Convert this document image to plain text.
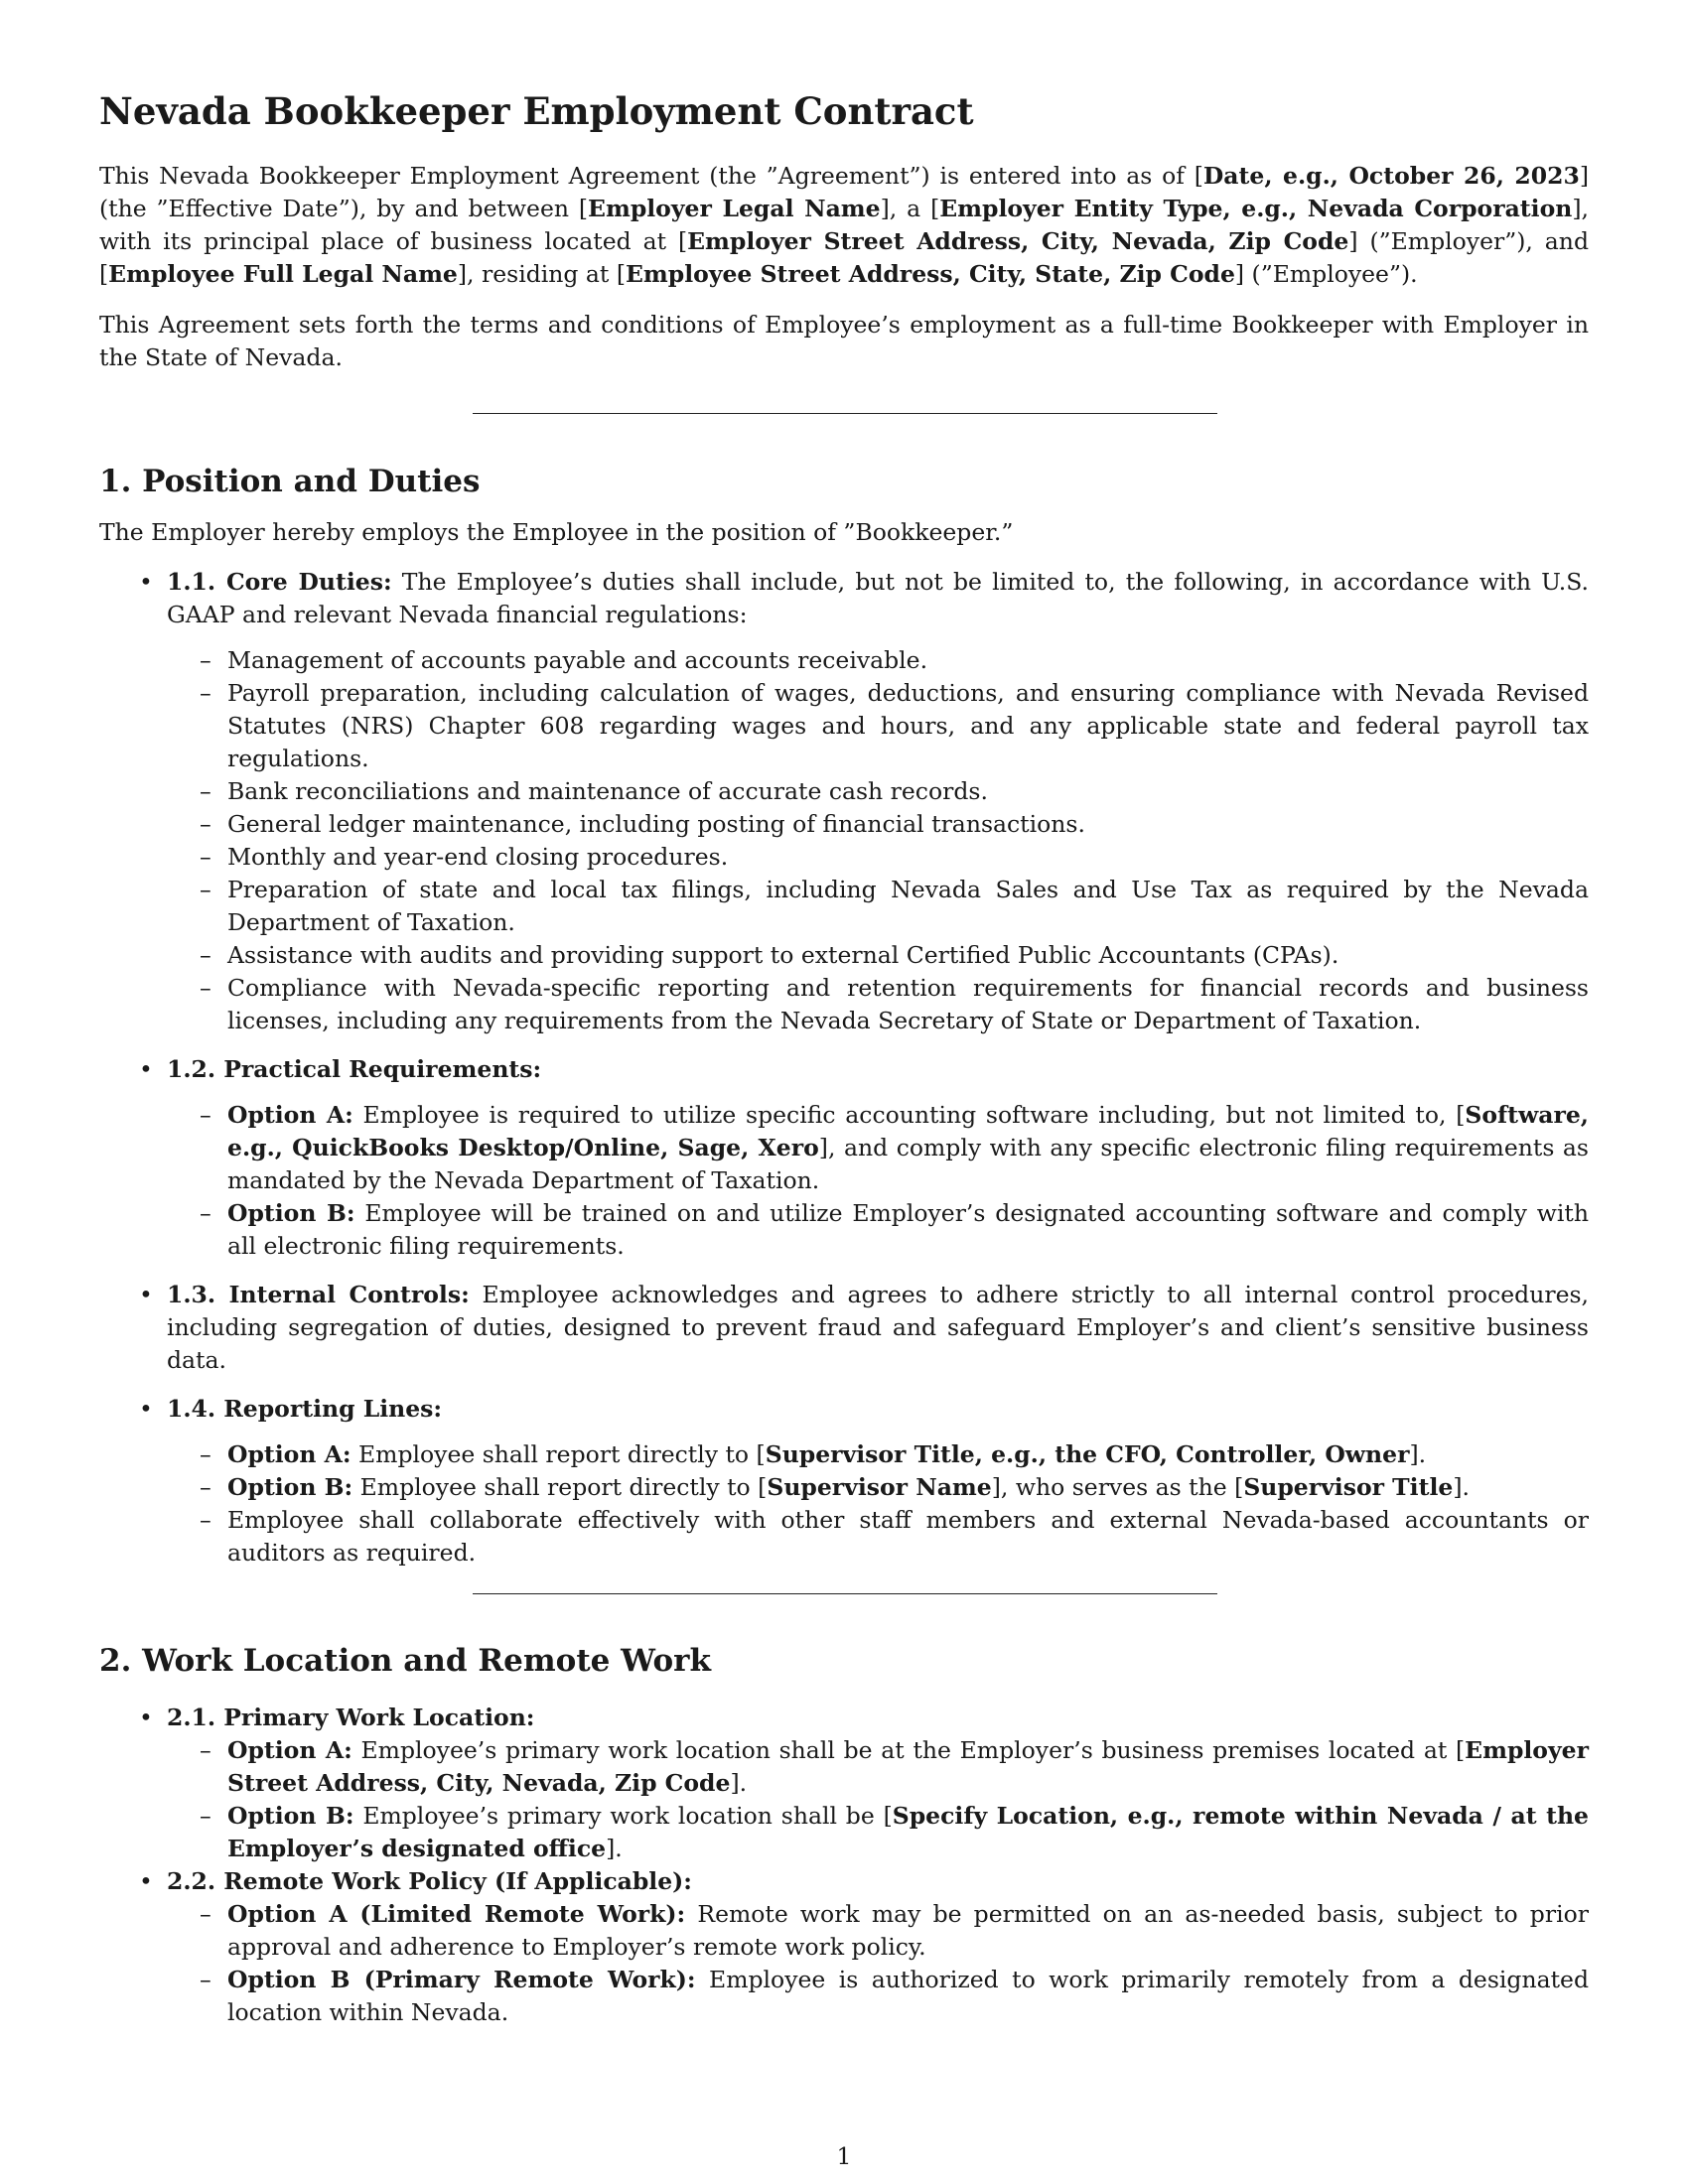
Nevada Bookkeeper Employment Contract

This Nevada Bookkeeper Employment Agreement (the ”Agreement”) is entered into as of [Date, e.g., October 26, 2023] (the ”Effective Date”), by and between [Employer Legal Name], a [Employer Entity Type, e.g., Nevada Corporation], with its principal place of business located at [Employer Street Address, City, Nevada, Zip Code] (”Employer”), and [Employee Full Legal Name], residing at [Employee Street Address, City, State, Zip Code] (”Employee”).

This Agreement sets forth the terms and conditions of Employee’s employment as a full-time Bookkeeper with Employer in the State of Nevada.

1. Position and Duties

The Employer hereby employs the Employee in the position of ”Bookkeeper.”

• 1.1. Core Duties: The Employee’s duties shall include, but not be limited to, the following, in accordance with U.S. GAAP and relevant Nevada financial regulations:
– Management of accounts payable and accounts receivable.
– Payroll preparation, including calculation of wages, deductions, and ensuring compliance with Nevada Revised Statutes (NRS) Chapter 608 regarding wages and hours, and any applicable state and federal payroll tax regulations.
– Bank reconciliations and maintenance of accurate cash records.
– General ledger maintenance, including posting of financial transactions.
– Monthly and year-end closing procedures.
– Preparation of state and local tax filings, including Nevada Sales and Use Tax as required by the Nevada Department of Taxation.
– Assistance with audits and providing support to external Certified Public Accountants (CPAs).
– Compliance with Nevada-specific reporting and retention requirements for financial records and business licenses, including any requirements from the Nevada Secretary of State or Department of Taxation.
• 1.2. Practical Requirements:
– Option A: Employee is required to utilize specific accounting software including, but not limited to, [Software, e.g., QuickBooks Desktop/Online, Sage, Xero], and comply with any specific electronic filing requirements as mandated by the Nevada Department of Taxation.
– Option B: Employee will be trained on and utilize Employer’s designated accounting software and comply with all electronic filing requirements.
• 1.3. Internal Controls: Employee acknowledges and agrees to adhere strictly to all internal control procedures, including segregation of duties, designed to prevent fraud and safeguard Employer’s and client’s sensitive business data.
• 1.4. Reporting Lines:
– Option A: Employee shall report directly to [Supervisor Title, e.g., the CFO, Controller, Owner].
– Option B: Employee shall report directly to [Supervisor Name], who serves as the [Supervisor Title].
– Employee shall collaborate effectively with other staff members and external Nevada-based accountants or auditors as required.
2. Work Location and Remote Work
• 2.1. Primary Work Location:
– Option A: Employee’s primary work location shall be at the Employer’s business premises located at [Employer Street Address, City, Nevada, Zip Code].
– Option B: Employee’s primary work location shall be [Specify Location, e.g., remote within Nevada / at the Employer’s designated office].
• 2.2. Remote Work Policy (If Applicable):
– Option A (Limited Remote Work): Remote work may be permitted on an as-needed basis, subject to prior approval and adherence to Employer’s remote work policy.
– Option B (Primary Remote Work): Employee is authorized to work primarily remotely from a designated location within Nevada.
1
